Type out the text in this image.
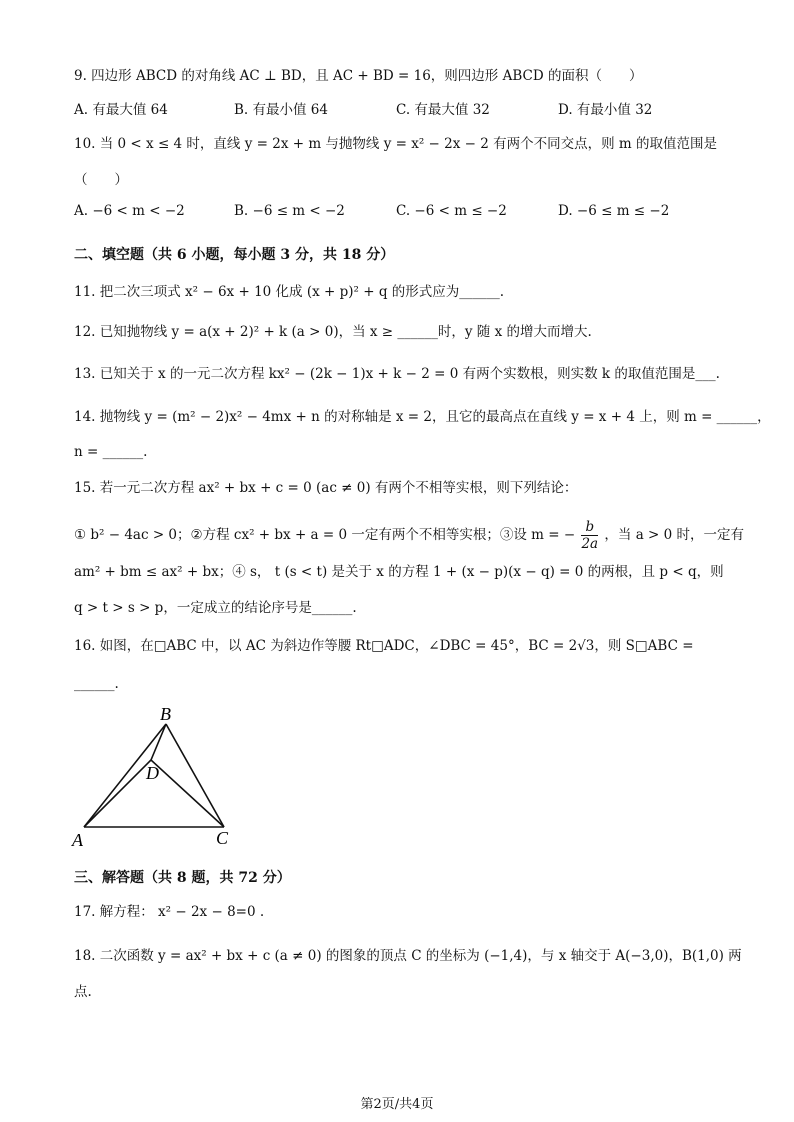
9. 四边形 ABCD 的对角线 AC ⊥ BD，且 AC + BD = 16，则四边形 ABCD 的面积（　　）
A. 有最大值 64	B. 有最小值 64	C. 有最大值 32	D. 有最小值 32
10. 当 0 < x ≤ 4 时，直线 y = 2x + m 与抛物线 y = x² − 2x − 2 有两个不同交点，则 m 的取值范围是
（　　）
A. −6 < m < −2	B. −6 ≤ m < −2	C. −6 < m ≤ −2	D. −6 ≤ m ≤ −2
二、填空题（共 6 小题，每小题 3 分，共 18 分）
11. 把二次三项式 x² − 6x + 10 化成 (x + p)² + q 的形式应为______.
12. 已知抛物线 y = a(x + 2)² + k (a > 0)，当 x ≥ ______时，y 随 x 的增大而增大.
13. 已知关于 x 的一元二次方程 kx² − (2k − 1)x + k − 2 = 0 有两个实数根，则实数 k 的取值范围是___.
14. 抛物线 y = (m² − 2)x² − 4mx + n 的对称轴是 x = 2，且它的最高点在直线 y = x + 4 上，则 m = ______，
n = ______.
15. 若一元二次方程 ax² + bx + c = 0 (ac ≠ 0) 有两个不相等实根，则下列结论：
① b² − 4ac > 0；②方程 cx² + bx + a = 0 一定有两个不相等实根；③设 m = − $\frac{b}{2a}$ ，当 a > 0 时，一定有
am² + bm ≤ ax² + bx；④ s， t (s < t) 是关于 x 的方程 1 + (x − p)(x − q) = 0 的两根，且 p < q，则
q > t > s > p，一定成立的结论序号是______.
16. 如图，在□ABC 中，以 AC 为斜边作等腰 Rt□ADC，∠DBC = 45°，BC = 2√3，则 S□ABC =
______.
B
D
A	C
三、解答题（共 8 题，共 72 分）
17. 解方程： x² − 2x − 8=0 .
18. 二次函数 y = ax² + bx + c (a ≠ 0) 的图象的顶点 C 的坐标为 (−1,4)，与 x 轴交于 A(−3,0)，B(1,0) 两
点.
第2页/共4页
